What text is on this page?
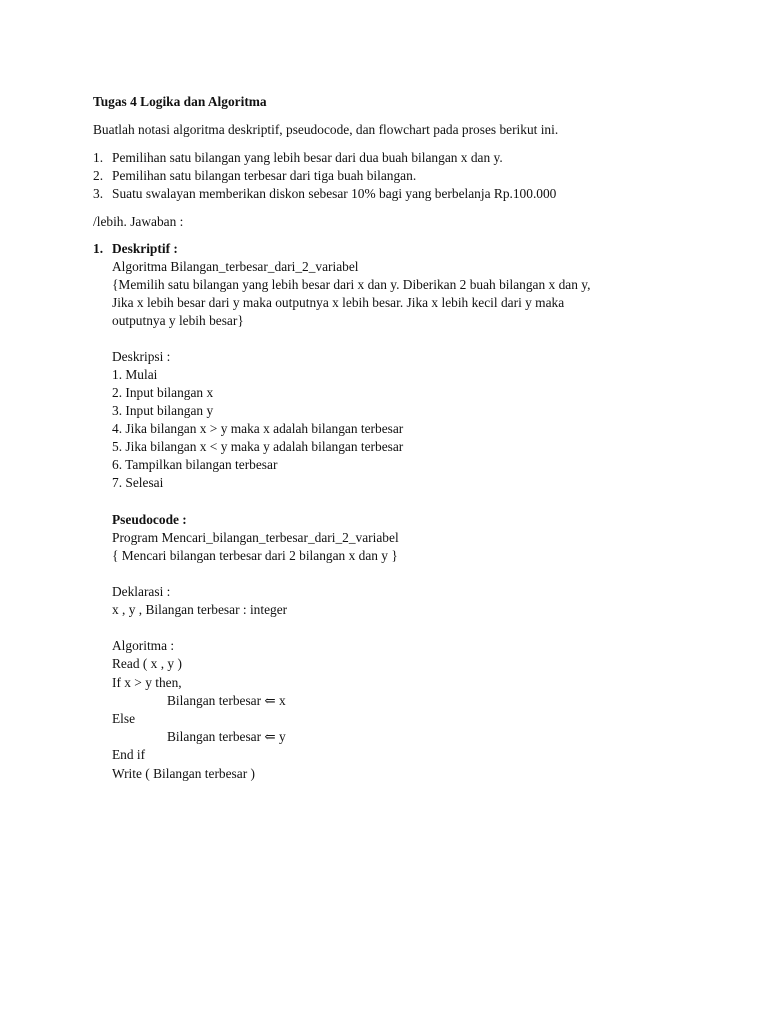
Tugas 4 Logika dan Algoritma
Buatlah notasi algoritma deskriptif, pseudocode, dan flowchart pada proses berikut ini.
1. Pemilihan satu bilangan yang lebih besar dari dua buah bilangan x dan y.
2. Pemilihan satu bilangan terbesar dari tiga buah bilangan.
3. Suatu swalayan memberikan diskon sebesar 10% bagi yang berbelanja Rp.100.000
/lebih. Jawaban :
1. Deskriptif :
Algoritma Bilangan_terbesar_dari_2_variabel
{Memilih satu bilangan yang lebih besar dari x dan y. Diberikan 2 buah bilangan x dan y,
Jika x lebih besar dari y maka outputnya x lebih besar. Jika x lebih kecil dari y maka
outputnya y lebih besar}
Deskripsi :
1. Mulai
2. Input bilangan x
3. Input bilangan y
4. Jika bilangan x > y maka x adalah bilangan terbesar
5. Jika bilangan x < y maka y adalah bilangan terbesar
6. Tampilkan bilangan terbesar
7. Selesai
Pseudocode :
Program Mencari_bilangan_terbesar_dari_2_variabel
{ Mencari bilangan terbesar dari 2 bilangan x dan y }
Deklarasi :
x , y , Bilangan terbesar : integer
Algoritma :
Read ( x , y )
If x > y then,
Bilangan terbesar ⇐ x
Else
Bilangan terbesar ⇐ y
End if
Write ( Bilangan terbesar )
